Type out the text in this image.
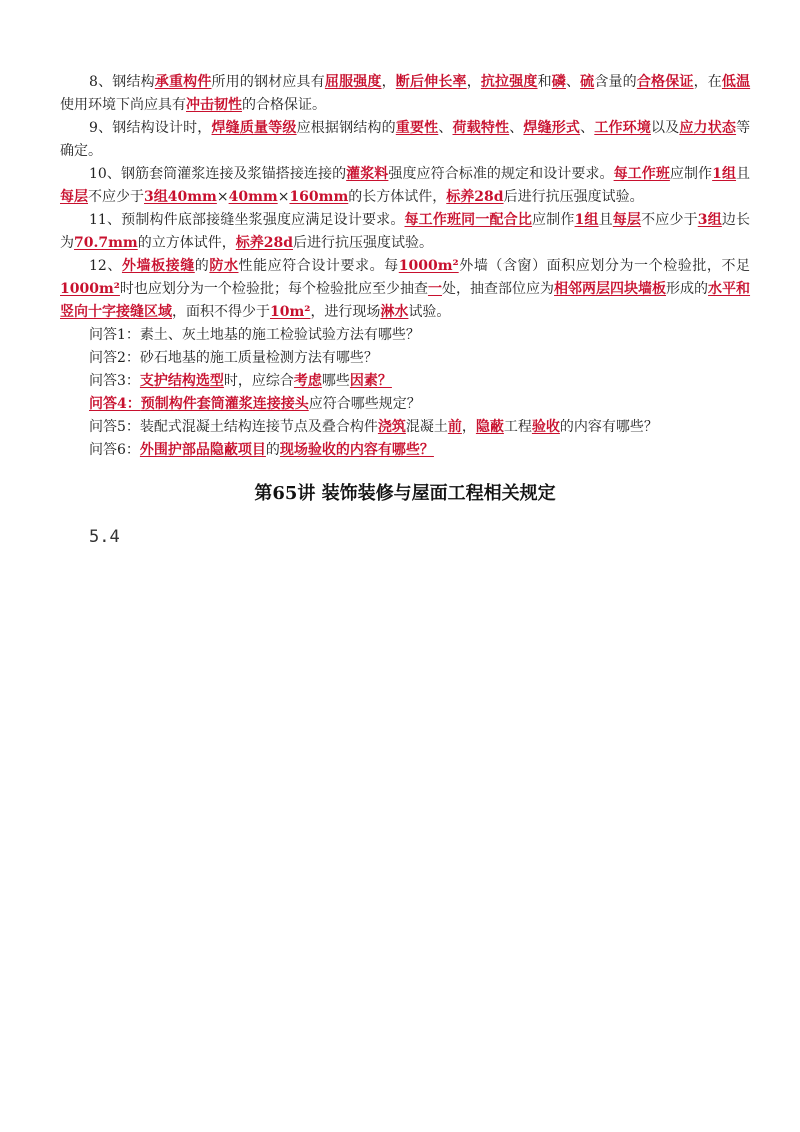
8、钢结构承重构件所用的钢材应具有屈服强度，断后伸长率，抗拉强度和磷、硫含量的合格保证，在低温使用环境下尚应具有冲击韧性的合格保证。

9、钢结构设计时，焊缝质量等级应根据钢结构的重要性、荷载特性、焊缝形式、工作环境以及应力状态等确定。

10、钢筋套筒灌浆连接及浆锚搭接连接的灌浆料强度应符合标准的规定和设计要求。每工作班应制作1组且每层不应少于3组40mm×40mm×160mm的长方体试件，标养28d后进行抗压强度试验。

11、预制构件底部接缝坐浆强度应满足设计要求。每工作班同一配合比应制作1组且每层不应少于3组边长为70.7mm的立方体试件，标养28d后进行抗压强度试验。

12、外墙板接缝的防水性能应符合设计要求。每1000m²外墙（含窗）面积应划分为一个检验批，不足1000m²时也应划分为一个检验批；每个检验批应至少抽查一处，抽查部位应为相邻两层四块墙板形成的水平和竖向十字接缝区域，面积不得少于10m²，进行现场淋水试验。

问答1：素土、灰土地基的施工检验试验方法有哪些？

问答2：砂石地基的施工质量检测方法有哪些？

问答3：支护结构选型时，应综合考虑哪些因素？

问答4：预制构件套筒灌浆连接接头应符合哪些规定？

问答5：装配式混凝土结构连接节点及叠合构件浇筑混凝土前，隐蔽工程验收的内容有哪些？

问答6：外围护部品隐蔽项目的现场验收的内容有哪些？

第65讲 装饰装修与屋面工程相关规定
5.4
